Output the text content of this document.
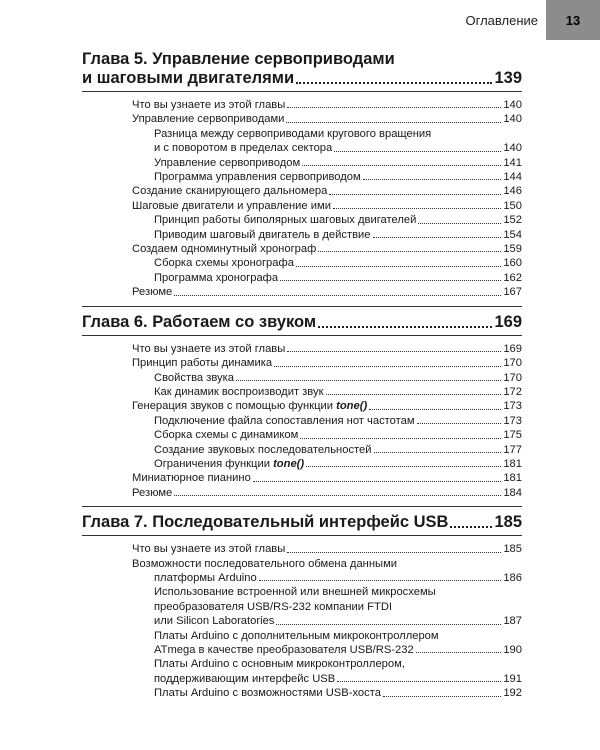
Оглавление	13
Глава 5. Управление сервоприводами
и шаговыми двигателями	139
Что вы узнаете из этой главы	140
Управление сервоприводами	140
Разница между сервоприводами кругового вращения
и с поворотом в пределах сектора	140
Управление сервоприводом	141
Программа управления сервоприводом	144
Создание сканирующего дальномера	146
Шаговые двигатели и управление ими	150
Принцип работы биполярных шаговых двигателей	152
Приводим шаговый двигатель в действие	154
Создаем одноминутный хронограф	159
Сборка схемы хронографа	160
Программа хронографа	162
Резюме	167
Глава 6. Работаем со звуком	169
Что вы узнаете из этой главы	169
Принцип работы динамика	170
Свойства звука	170
Как динамик воспроизводит звук	172
Генерация звуков с помощью функции tone()	173
Подключение файла сопоставления нот частотам	173
Сборка схемы с динамиком	175
Создание звуковых последовательностей	177
Ограничения функции tone()	181
Миниатюрное пианино	181
Резюме	184
Глава 7. Последовательный интерфейс USB	185
Что вы узнаете из этой главы	185
Возможности последовательного обмена данными
платформы Arduino	186
Использование встроенной или внешней микросхемы
преобразователя USB/RS-232 компании FTDI
или Silicon Laboratories	187
Платы Arduino с дополнительным микроконтроллером
ATmega в качестве преобразователя USB/RS-232	190
Платы Arduino с основным микроконтроллером,
поддерживающим интерфейс USB	191
Платы Arduino с возможностями USB-хоста	192
